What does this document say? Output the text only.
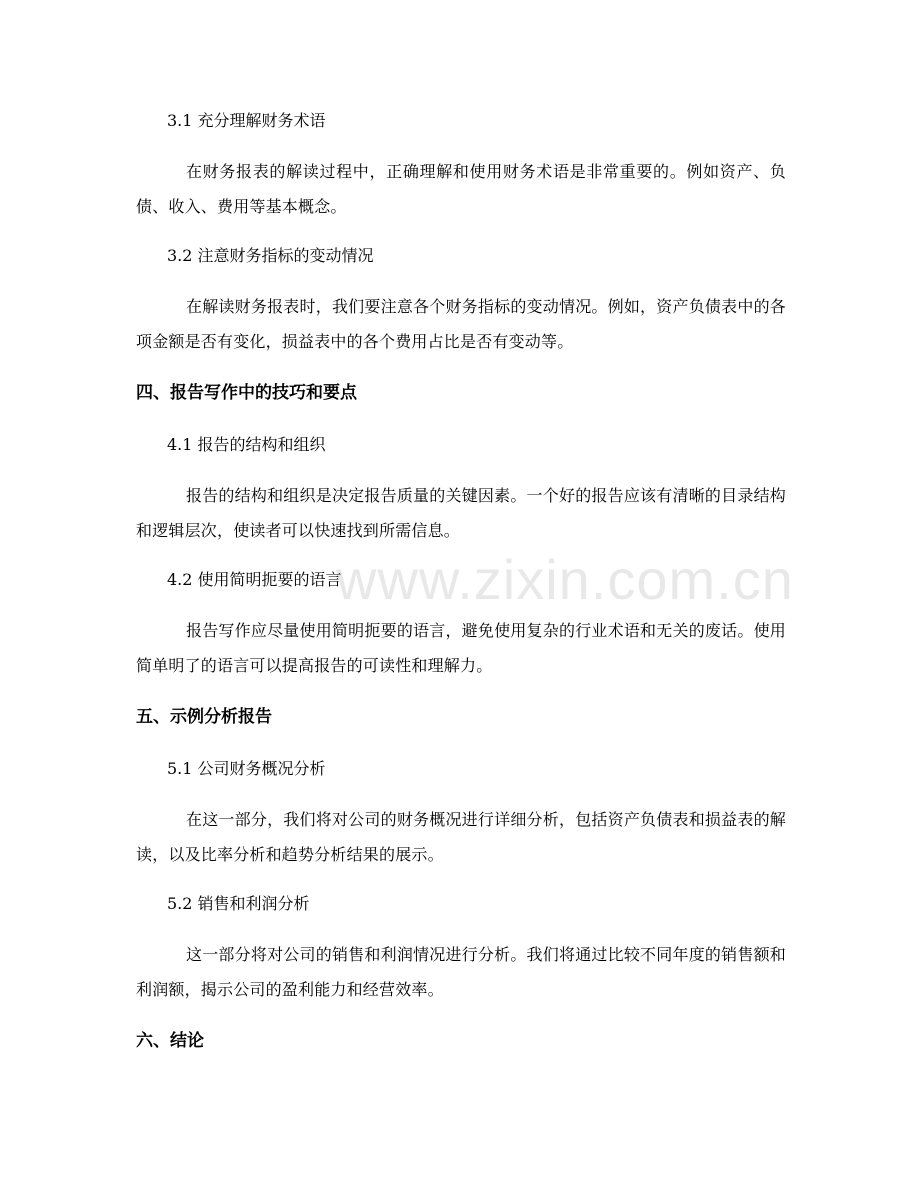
www.zixin.com.cn
3.1 充分理解财务术语

在财务报表的解读过程中，正确理解和使用财务术语是非常重要的。例如资产、负债、收入、费用等基本概念。

3.2 注意财务指标的变动情况

在解读财务报表时，我们要注意各个财务指标的变动情况。例如，资产负债表中的各项金额是否有变化，损益表中的各个费用占比是否有变动等。

四、报告写作中的技巧和要点
4.1 报告的结构和组织

报告的结构和组织是决定报告质量的关键因素。一个好的报告应该有清晰的目录结构和逻辑层次，使读者可以快速找到所需信息。

4.2 使用简明扼要的语言

报告写作应尽量使用简明扼要的语言，避免使用复杂的行业术语和无关的废话。使用简单明了的语言可以提高报告的可读性和理解力。

五、示例分析报告
5.1 公司财务概况分析

在这一部分，我们将对公司的财务概况进行详细分析，包括资产负债表和损益表的解读，以及比率分析和趋势分析结果的展示。

5.2 销售和利润分析

这一部分将对公司的销售和利润情况进行分析。我们将通过比较不同年度的销售额和利润额，揭示公司的盈利能力和经营效率。

六、结论
